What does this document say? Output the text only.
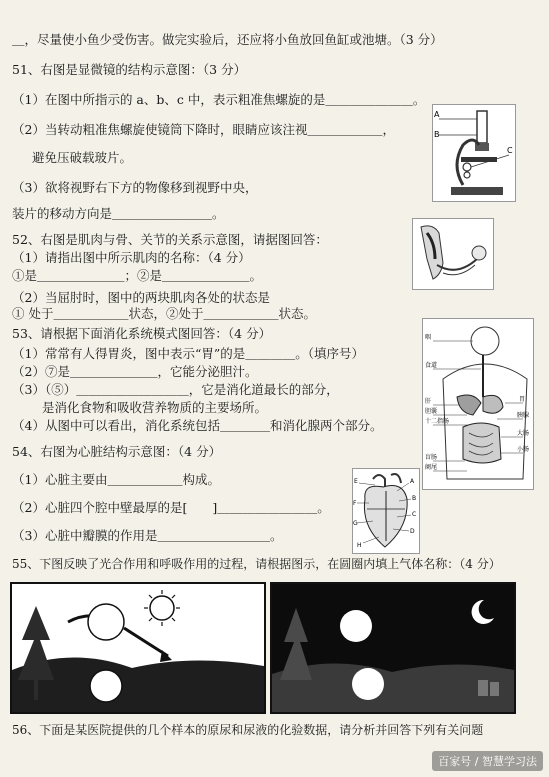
＿，尽量使小鱼少受伤害。做完实验后，还应将小鱼放回鱼缸或池塘。（3 分）
51、右图是显微镜的结构示意图：（3 分）
（1）在图中所指示的 a、b、c 中，表示粗准焦螺旋的是＿＿＿＿＿＿＿。
（2）当转动粗准焦螺旋使镜筒下降时，眼睛应该注视＿＿＿＿＿＿，
避免压破载玻片。
（3）欲将视野右下方的物像移到视野中央，
装片的移动方向是＿＿＿＿＿＿＿＿。
A
B
C
52、右图是肌肉与骨、关节的关系示意图，请据图回答：
（1）请指出图中所示肌肉的名称：（4 分）
①是＿＿＿＿＿＿＿；②是＿＿＿＿＿＿＿。
（2）当屈肘时，图中的两块肌肉各处的状态是
① 处于＿＿＿＿＿＿状态，②处于＿＿＿＿＿＿状态。
53、请根据下面消化系统模式图回答：（4 分）
（1）常常有人得胃炎，图中表示“胃”的是＿＿＿＿。（填序号）
（2）⑦是＿＿＿＿＿＿＿，它能分泌胆汁。
（3）（⑤）＿＿＿＿＿＿＿＿＿，它是消化道最长的部分，
是消化食物和吸收营养物质的主要场所。
（4）从图中可以看出，消化系统包括＿＿＿＿和消化腺两个部分。
咽
食道
胃
肝
胆囊
十二指肠
胰腺
大肠
小肠
盲肠
阑尾
54、右图为心脏结构示意图：（4 分）
（1）心脏主要由＿＿＿＿＿＿构成。
（2）心脏四个腔中壁最厚的是[　　]＿＿＿＿＿＿＿＿。
（3）心脏中瓣膜的作用是＿＿＿＿＿＿＿＿＿。
A
B
C
D
E
F
G
H
55、下图反映了光合作用和呼吸作用的过程，请根据图示，在圆圈内填上气体名称：（4 分）
56、下面是某医院提供的几个样本的原尿和尿液的化验数据，请分析并回答下列有关问题
百家号 / 智慧学习法
